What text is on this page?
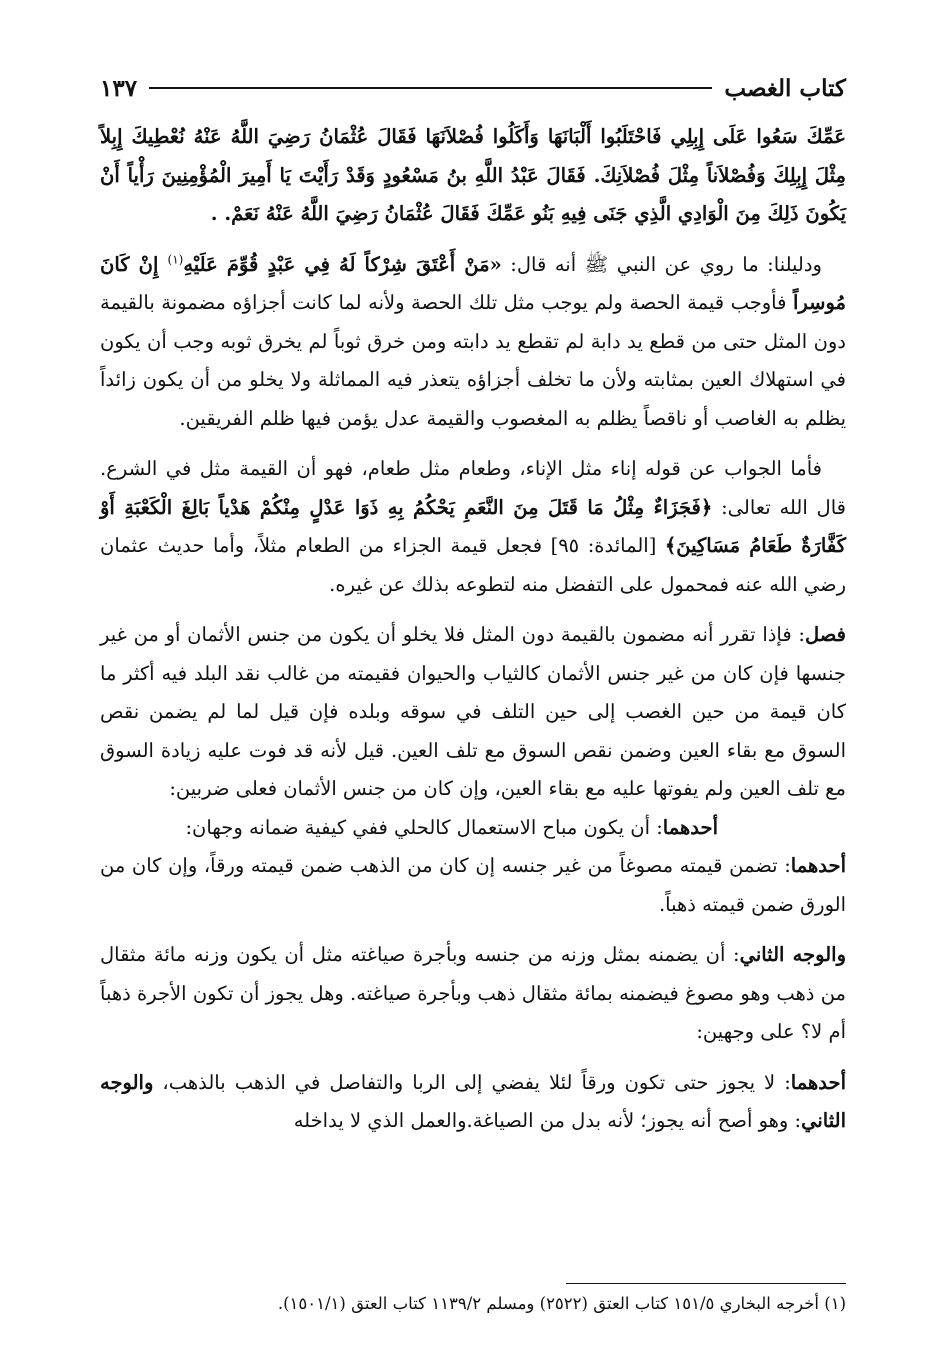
كتاب الغصب
١٣٧

عَمِّكَ سَعُوا عَلَى إِبِلِي فَاحْتَلَبُوا أَلْبَانَهَا وَأَكَلُوا فُصْلاَنَهَا فَقَالَ عُثْمَانُ رَضِيَ اللَّهُ عَنْهُ نُعْطِيكَ إِبِلاً مِثْلَ إِبِلِكَ وَفُصْلاَناً مِثْلَ فُصْلاَنِكَ. فَقَالَ عَبْدُ اللَّهِ بنُ مَسْعُودٍ وَقَدْ رَأَيْتَ يَا أَمِيرَ الْمُؤْمِنِينَ رَأْياً أَنْ يَكُونَ ذَلِكَ مِنَ الْوَادِي الَّذِي جَنَى فِيهِ بَنُو عَمِّكَ فَقَالَ عُثْمَانُ رَضِيَ اللَّهُ عَنْهُ نَعَمْ. .

ودليلنا: ما روي عن النبي ﷺ أنه قال: «مَنْ أَعْتَقَ شِرْكاً لَهُ فِي عَبْدٍ قُوِّمَ عَلَيْهِ$^{(١)}$ إِنْ كَانَ مُوسِراً فأوجب قيمة الحصة ولم يوجب مثل تلك الحصة ولأنه لما كانت أجزاؤه مضمونة بالقيمة دون المثل حتى من قطع يد دابة لم تقطع يد دابته ومن خرق ثوباً لم يخرق ثوبه وجب أن يكون في استهلاك العين بمثابته ولأن ما تخلف أجزاؤه يتعذر فيه المماثلة ولا يخلو من أن يكون زائداً يظلم به الغاصب أو ناقصاً يظلم به المغصوب والقيمة عدل يؤمن فيها ظلم الفريقين.

فأما الجواب عن قوله إناء مثل الإناء، وطعام مثل طعام، فهو أن القيمة مثل في الشرع. قال الله تعالى: ﴿فَجَزَاءٌ مِثْلُ مَا قَتَلَ مِنَ النَّعَمِ يَحْكُمُ بِهِ ذَوَا عَدْلٍ مِنْكُمْ هَدْياً بَالِغَ الْكَعْبَةِ أَوْ كَفَّارَةٌ طَعَامُ مَسَاكِينَ﴾ [المائدة: ٩٥] فجعل قيمة الجزاء من الطعام مثلاً، وأما حديث عثمان رضي الله عنه فمحمول على التفضل منه لتطوعه بذلك عن غيره.

فصل: فإذا تقرر أنه مضمون بالقيمة دون المثل فلا يخلو أن يكون من جنس الأثمان أو من غير جنسها فإن كان من غير جنس الأثمان كالثياب والحيوان فقيمته من غالب نقد البلد فيه أكثر ما كان قيمة من حين الغصب إلى حين التلف في سوقه وبلده فإن قيل لما لم يضمن نقص السوق مع بقاء العين وضمن نقص السوق مع تلف العين. قيل لأنه قد فوت عليه زيادة السوق مع تلف العين ولم يفوتها عليه مع بقاء العين، وإن كان من جنس الأثمان فعلى ضربين:

أحدهما: أن يكون مباح الاستعمال كالحلي ففي كيفية ضمانه وجهان:

أحدهما: تضمن قيمته مصوغاً من غير جنسه إن كان من الذهب ضمن قيمته ورقاً، وإن كان من الورق ضمن قيمته ذهباً.

والوجه الثاني: أن يضمنه بمثل وزنه من جنسه وبأجرة صياغته مثل أن يكون وزنه مائة مثقال من ذهب وهو مصوغ فيضمنه بمائة مثقال ذهب وبأجرة صياغته. وهل يجوز أن تكون الأجرة ذهباً أم لا؟ على وجهين:

أحدهما: لا يجوز حتى تكون ورقاً لئلا يفضي إلى الربا والتفاصل في الذهب بالذهب، والوجه الثاني: وهو أصح أنه يجوز؛ لأنه بدل من الصياغة.والعمل الذي لا يداخله

(١) أخرجه البخاري ١٥١/٥ كتاب العتق (٢٥٢٢) ومسلم ١١٣٩/٢ كتاب العتق (١٥٠١/١).
